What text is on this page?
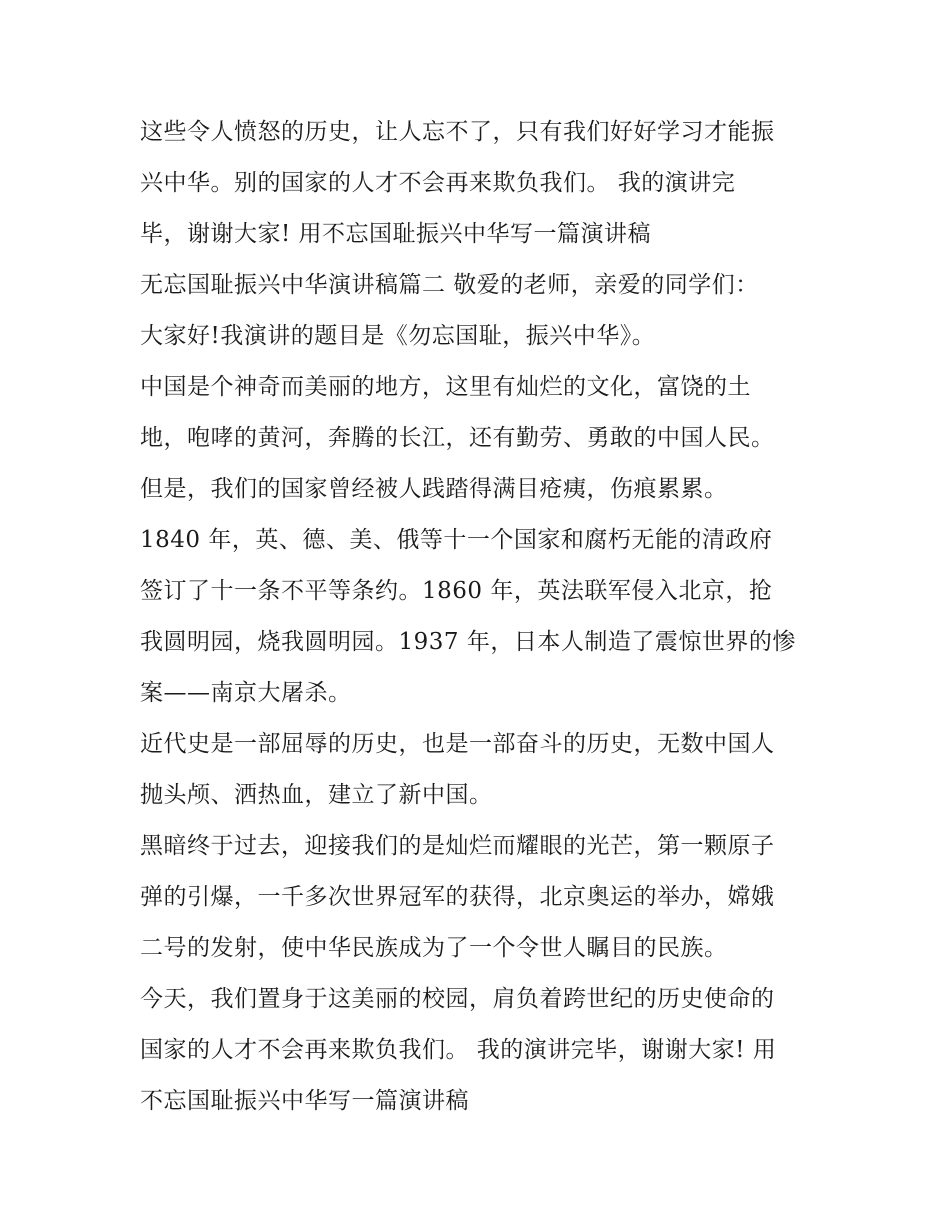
这些令人愤怒的历史，让人忘不了，只有我们好好学习才能振
兴中华。别的国家的人才不会再来欺负我们。 我的演讲完
毕，谢谢大家! 用不忘国耻振兴中华写一篇演讲稿
无忘国耻振兴中华演讲稿篇二 敬爱的老师，亲爱的同学们：
大家好!我演讲的题目是《勿忘国耻，振兴中华》。
中国是个神奇而美丽的地方，这里有灿烂的文化，富饶的土
地，咆哮的黄河，奔腾的长江，还有勤劳、勇敢的中国人民。
但是，我们的国家曾经被人践踏得满目疮痍，伤痕累累。
1840 年，英、德、美、俄等十一个国家和腐朽无能的清政府
签订了十一条不平等条约。1860 年，英法联军侵入北京，抢
我圆明园，烧我圆明园。1937 年，日本人制造了震惊世界的惨
案——南京大屠杀。
近代史是一部屈辱的历史，也是一部奋斗的历史，无数中国人
抛头颅、洒热血，建立了新中国。
黑暗终于过去，迎接我们的是灿烂而耀眼的光芒，第一颗原子
弹的引爆，一千多次世界冠军的获得，北京奥运的举办，嫦娥
二号的发射，使中华民族成为了一个令世人瞩目的民族。
今天，我们置身于这美丽的校园，肩负着跨世纪的历史使命的
国家的人才不会再来欺负我们。 我的演讲完毕，谢谢大家! 用
不忘国耻振兴中华写一篇演讲稿
